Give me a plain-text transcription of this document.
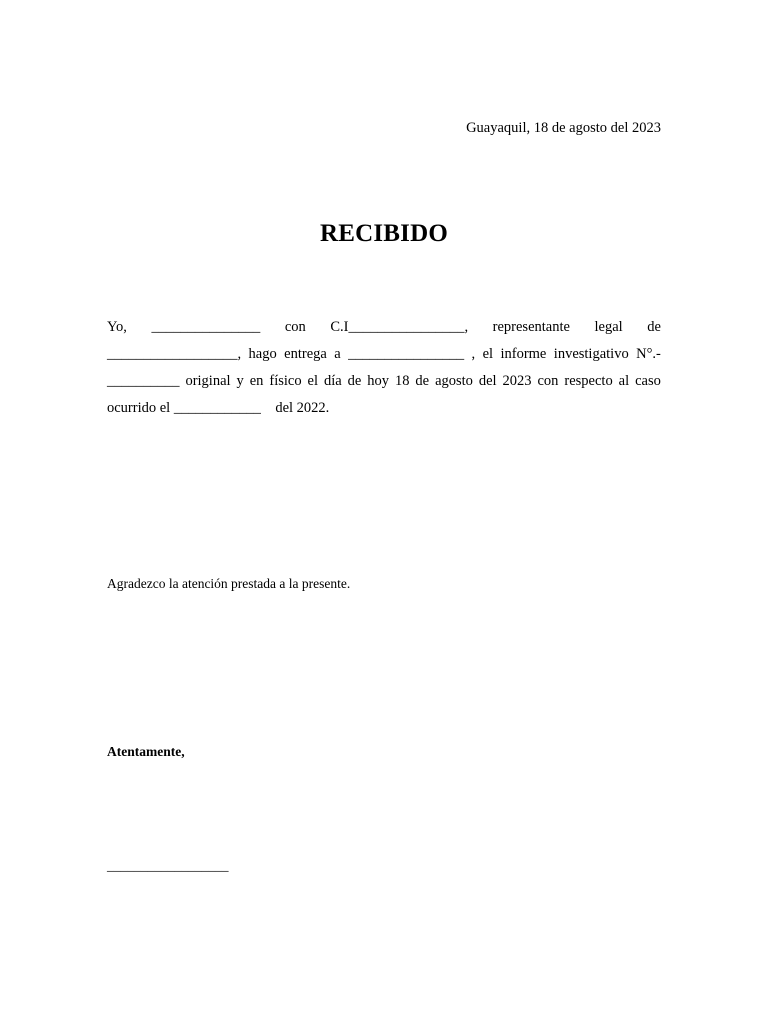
Guayaquil, 18 de agosto del 2023
RECIBIDO
Yo, _______________ con C.I________________, representante legal de
__________________, hago entrega a ________________ , el informe investigativo N°.-
__________ original y en físico el día de hoy 18 de agosto del 2023 con respecto al caso
ocurrido el ____________    del 2022.
Agradezco la atención prestada a la presente.
Atentamente,
__________________
